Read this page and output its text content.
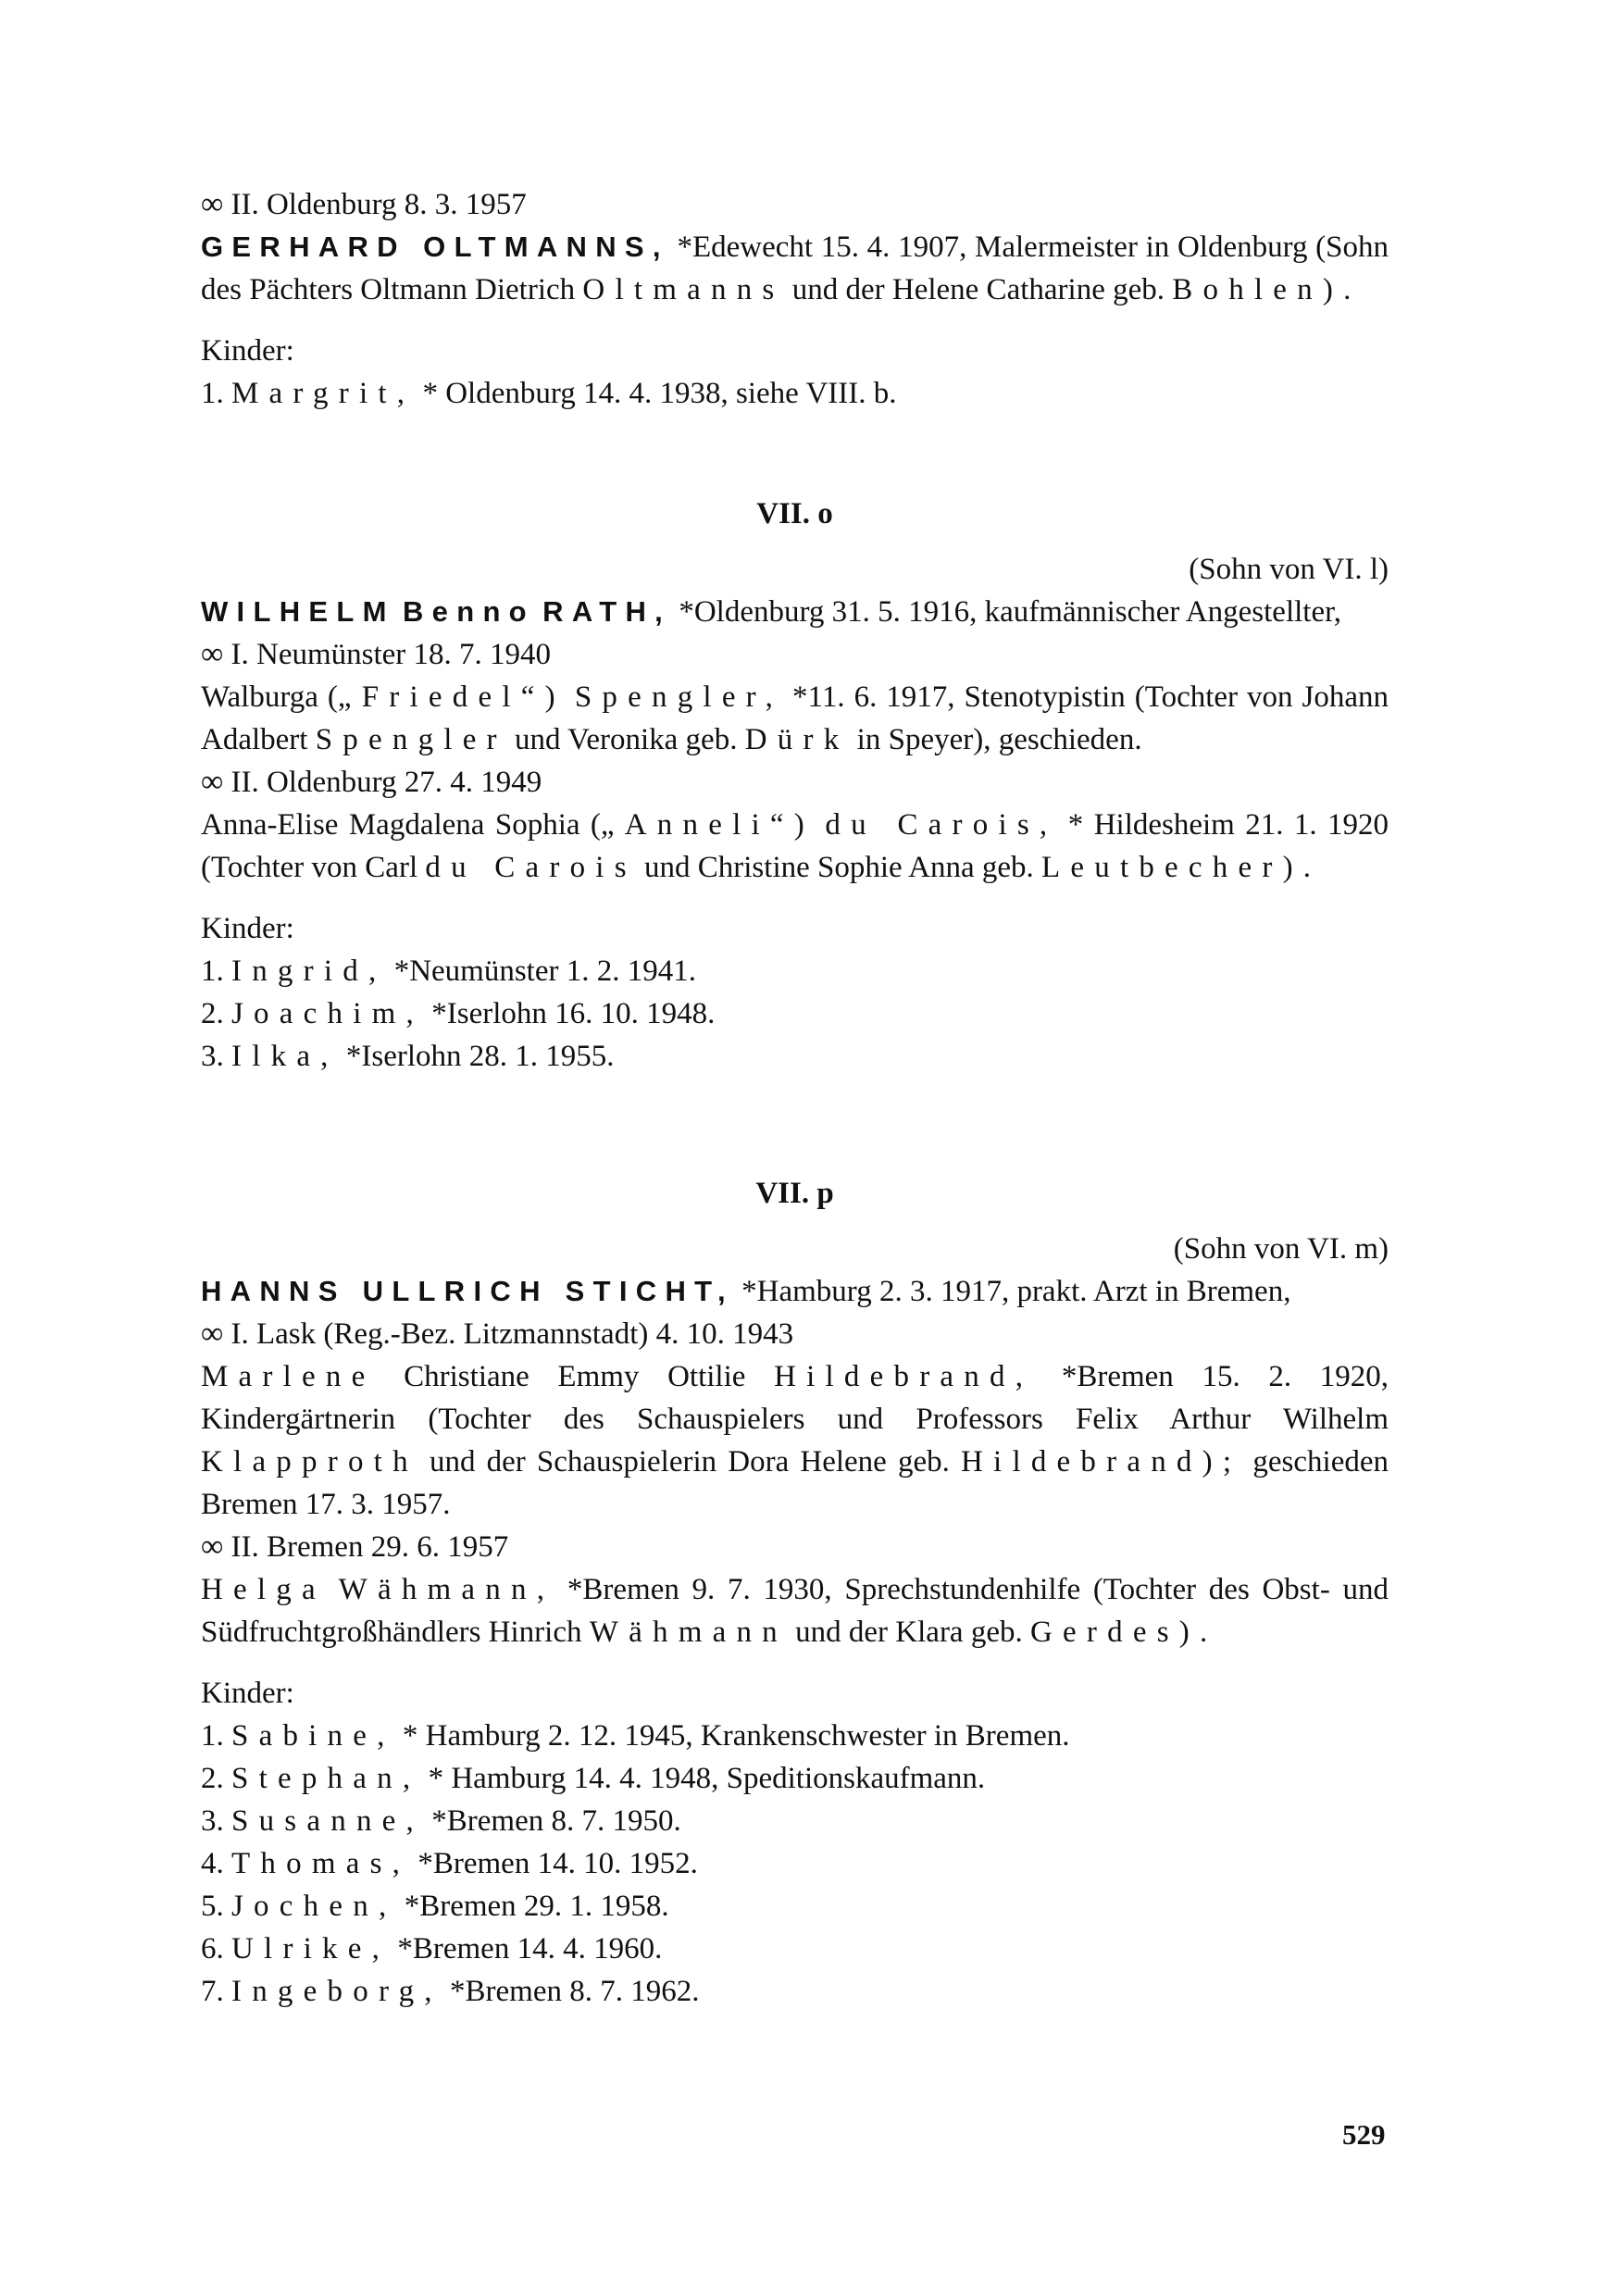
∞ II. Oldenburg 8. 3. 1957

GERHARD OLTMANNS, *Edewecht 15. 4. 1907, Malermeister in Oldenburg (Sohn des Pächters Oltmann Dietrich Oltmanns und der Helene Catharine geb. Bohlen).

Kinder:

1. Margrit, * Oldenburg 14. 4. 1938, siehe VIII. b.

VII. o

(Sohn von VI. l)

WILHELM Benno RATH, *Oldenburg 31. 5. 1916, kaufmännischer Angestellter,

∞ I. Neumünster 18. 7. 1940

Walburga („Friedel“) Spengler, *11. 6. 1917, Stenotypistin (Tochter von Johann Adalbert Spengler und Veronika geb. Dürk in Speyer), geschieden.

∞ II. Oldenburg 27. 4. 1949

Anna-Elise Magdalena Sophia („Anneli“) du Carois, * Hildesheim 21. 1. 1920 (Tochter von Carl du Carois und Christine Sophie Anna geb. Leutbecher).

Kinder:

1. Ingrid, *Neumünster 1. 2. 1941.

2. Joachim, *Iserlohn 16. 10. 1948.

3. Ilka, *Iserlohn 28. 1. 1955.

VII. p

(Sohn von VI. m)

HANNS ULLRICH STICHT, *Hamburg 2. 3. 1917, prakt. Arzt in Bremen,

∞ I. Lask (Reg.-Bez. Litzmannstadt) 4. 10. 1943

Marlene Christiane Emmy Ottilie Hildebrand, *Bremen 15. 2. 1920, Kindergärtnerin (Tochter des Schauspielers und Professors Felix Arthur Wilhelm Klapproth und der Schauspielerin Dora Helene geb. Hildebrand); geschieden Bremen 17. 3. 1957.

∞ II. Bremen 29. 6. 1957

Helga Wähmann, *Bremen 9. 7. 1930, Sprechstundenhilfe (Tochter des Obst- und Südfruchtgroßhändlers Hinrich Wähmann und der Klara geb. Gerdes).

Kinder:

1. Sabine, * Hamburg 2. 12. 1945, Krankenschwester in Bremen.

2. Stephan, * Hamburg 14. 4. 1948, Speditionskaufmann.

3. Susanne, *Bremen 8. 7. 1950.

4. Thomas, *Bremen 14. 10. 1952.

5. Jochen, *Bremen 29. 1. 1958.

6. Ulrike, *Bremen 14. 4. 1960.

7. Ingeborg, *Bremen 8. 7. 1962.

529
